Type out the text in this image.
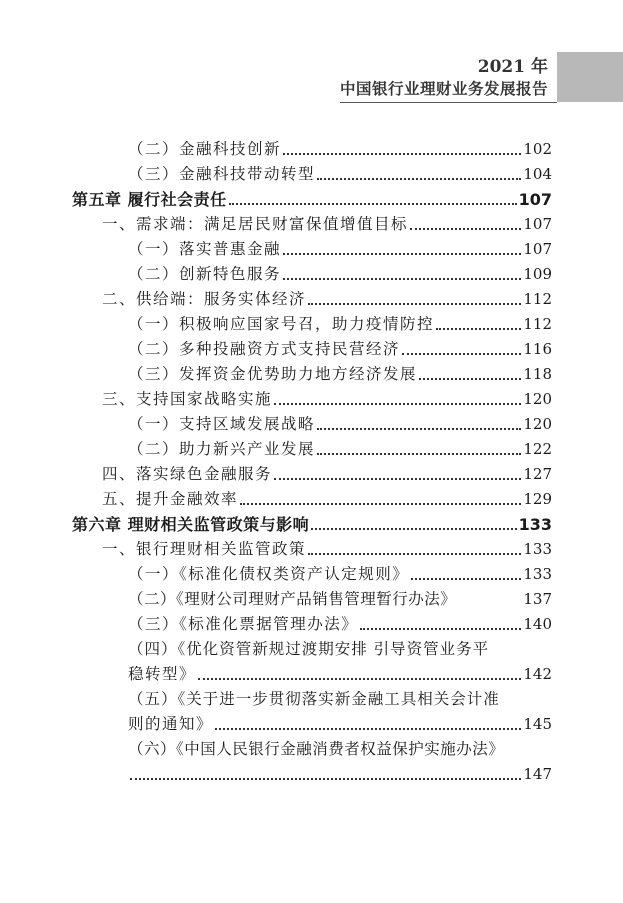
2021 年
中国银行业理财业务发展报告
（二）金融科技创新	102
（三）金融科技带动转型	104
第五章 履行社会责任	107
一、需求端：满足居民财富保值增值目标	107
（一）落实普惠金融	107
（二）创新特色服务	109
二、供给端：服务实体经济	112
（一）积极响应国家号召，助力疫情防控	112
（二）多种投融资方式支持民营经济	116
（三）发挥资金优势助力地方经济发展	118
三、支持国家战略实施	120
（一）支持区域发展战略	120
（二）助力新兴产业发展	122
四、落实绿色金融服务	127
五、提升金融效率	129
第六章 理财相关监管政策与影响	133
一、银行理财相关监管政策	133
（一）《标准化债权类资产认定规则》	133
（二）《理财公司理财产品销售管理暂行办法》	137
（三）《标准化票据管理办法》	140
（四）《优化资管新规过渡期安排 引导资管业务平
稳转型》	142
（五）《关于进一步贯彻落实新金融工具相关会计准
则的通知》	145
（六）《中国人民银行金融消费者权益保护实施办法》
147
